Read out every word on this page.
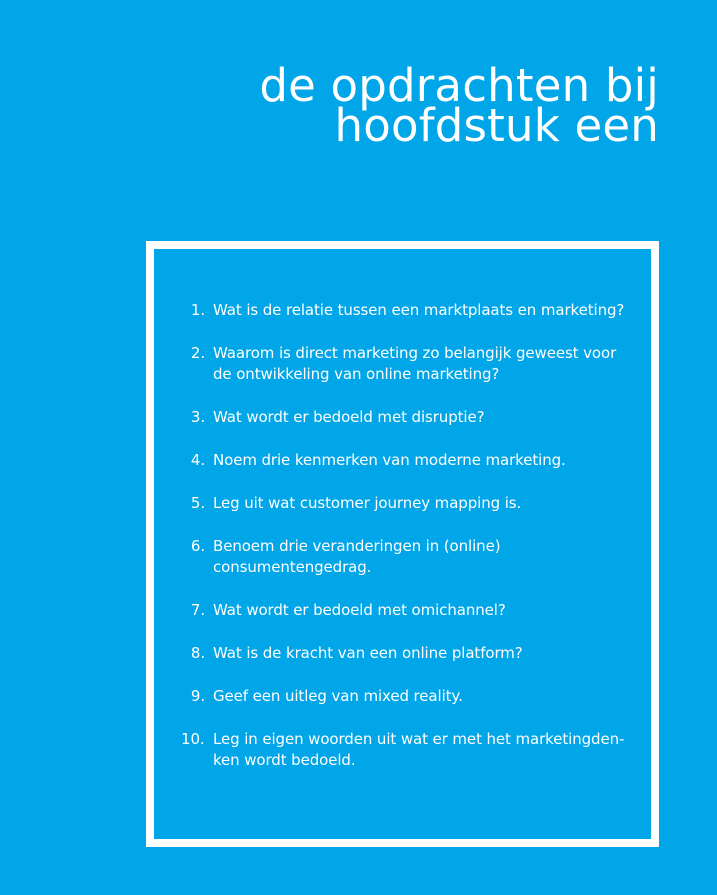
de opdrachten bij
hoofdstuk een
1. Wat is de relatie tussen een marktplaats en marketing?
2. Waarom is direct marketing zo belangijk geweest voor de ontwikkeling van online marketing?
3. Wat wordt er bedoeld met disruptie?
4. Noem drie kenmerken van moderne marketing.
5. Leg uit wat customer journey mapping is.
6. Benoem drie veranderingen in (online) consumentengedrag.
7. Wat wordt er bedoeld met omichannel?
8. Wat is de kracht van een online platform?
9. Geef een uitleg van mixed reality.
10. Leg in eigen woorden uit wat er met het marketingden-ken wordt bedoeld.
